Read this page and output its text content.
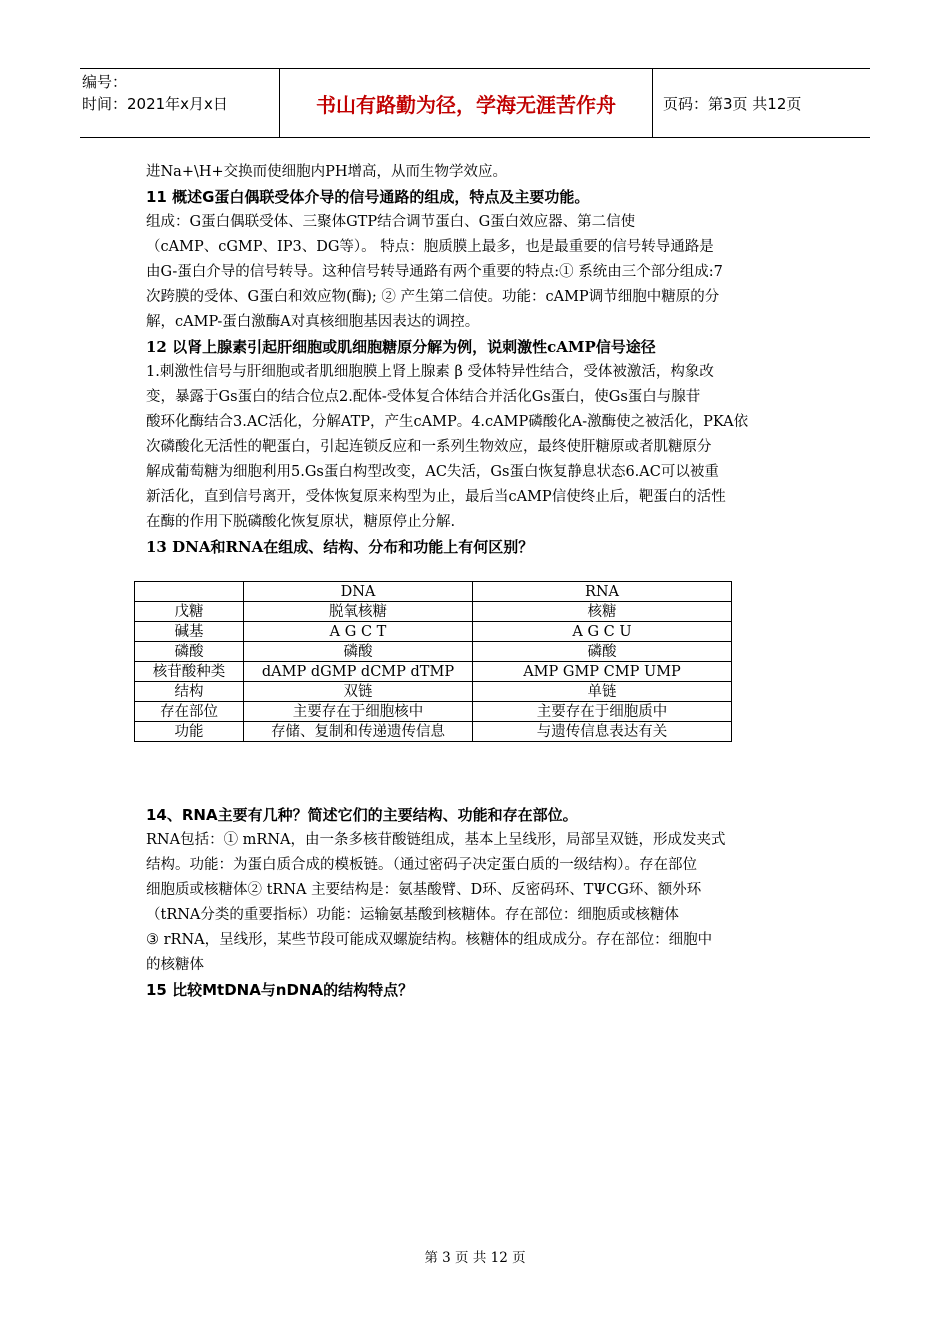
编号：
时间：2021年x月x日	书山有路勤为径，学海无涯苦作舟	页码：第3页 共12页

进Na+\H+交换而使细胞内PH增高，从而生物学效应。

11 概述G蛋白偶联受体介导的信号通路的组成，特点及主要功能。

组成：G蛋白偶联受体、三聚体GTP结合调节蛋白、G蛋白效应器、第二信使

（cAMP、cGMP、IP3、DG等）。 特点：胞质膜上最多，也是最重要的信号转导通路是

由G-蛋白介导的信号转导。这种信号转导通路有两个重要的特点:① 系统由三个部分组成:7

次跨膜的受体、G蛋白和效应物(酶); ② 产生第二信使。功能：cAMP调节细胞中糖原的分

解，cAMP-蛋白激酶A对真核细胞基因表达的调控。

12 以肾上腺素引起肝细胞或肌细胞糖原分解为例，说刺激性cAMP信号途径

1.刺激性信号与肝细胞或者肌细胞膜上肾上腺素 β 受体特异性结合，受体被激活，构象改

变，暴露于Gs蛋白的结合位点2.配体-受体复合体结合并活化Gs蛋白，使Gs蛋白与腺苷

酸环化酶结合3.AC活化，分解ATP，产生cAMP。4.cAMP磷酸化A-激酶使之被活化，PKA依

次磷酸化无活性的靶蛋白，引起连锁反应和一系列生物效应，最终使肝糖原或者肌糖原分

解成葡萄糖为细胞利用5.Gs蛋白构型改变，AC失活，Gs蛋白恢复静息状态6.AC可以被重

新活化，直到信号离开，受体恢复原来构型为止，最后当cAMP信使终止后，靶蛋白的活性

在酶的作用下脱磷酸化恢复原状，糖原停止分解.

13 DNA和RNA在组成、结构、分布和功能上有何区别？

	DNA	RNA
戊糖	脱氧核糖	核糖
碱基	A G C T	A G C U
磷酸	磷酸	磷酸
核苷酸种类	dAMP dGMP dCMP dTMP	AMP GMP CMP UMP
结构	双链	单链
存在部位	主要存在于细胞核中	主要存在于细胞质中
功能	存储、复制和传递遗传信息	与遗传信息表达有关

14、RNA主要有几种？简述它们的主要结构、功能和存在部位。

RNA包括：① mRNA，由一条多核苷酸链组成，基本上呈线形，局部呈双链，形成发夹式

结构。功能：为蛋白质合成的模板链。（通过密码子决定蛋白质的一级结构）。存在部位

细胞质或核糖体② tRNA 主要结构是：氨基酸臂、D环、反密码环、TΨCG环、额外环

（tRNA分类的重要指标）功能：运输氨基酸到核糖体。存在部位：细胞质或核糖体

③ rRNA，呈线形，某些节段可能成双螺旋结构。核糖体的组成成分。存在部位：细胞中

的核糖体

15 比较MtDNA与nDNA的结构特点？

第 3 页 共 12 页
